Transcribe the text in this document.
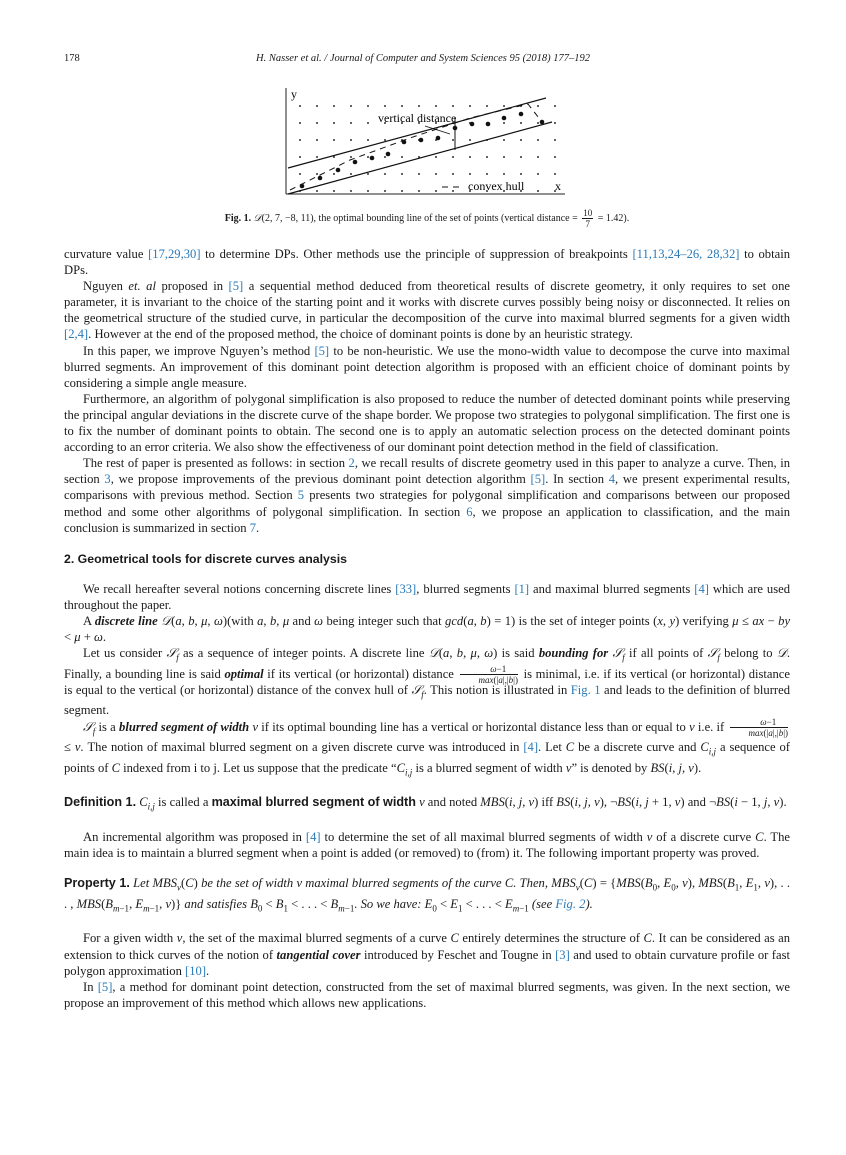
178	H. Nasser et al. / Journal of Computer and System Sciences 95 (2018) 177–192
y
x
vertical distance
convex hull
Fig. 1. 𝒟(2, 7, −8, 11), the optimal bounding line of the set of points (vertical distance = $\frac{10}{7} = 1.42$).

curvature value [17,29,30] to determine DPs. Other methods use the principle of suppression of breakpoints [11,13,24–26, 28,32] to obtain DPs.

Nguyen et. al proposed in [5] a sequential method deduced from theoretical results of discrete geometry, it only requires to set one parameter, it is invariant to the choice of the starting point and it works with discrete curves possibly being noisy or disconnected. It relies on the geometrical structure of the studied curve, in particular the decomposition of the curve into maximal blurred segments for a given width [2,4]. However at the end of the proposed method, the choice of dominant points is done by an heuristic strategy.

In this paper, we improve Nguyen’s method [5] to be non-heuristic. We use the mono-width value to decompose the curve into maximal blurred segments. An improvement of this dominant point detection algorithm is proposed with an efficient choice of dominant points by considering a simple angle measure.

Furthermore, an algorithm of polygonal simplification is also proposed to reduce the number of detected dominant points while preserving the principal angular deviations in the discrete curve of the shape border. We propose two strategies to polygonal simplification. The first one is to fix the number of dominant points to obtain. The second one is to apply an automatic selection process on the detected dominant points according to an error criteria. We also show the effectiveness of our dominant point detection method in the field of classification.

The rest of paper is presented as follows: in section 2, we recall results of discrete geometry used in this paper to analyze a curve. Then, in section 3, we propose improvements of the previous dominant point detection algorithm [5]. In section 4, we present experimental results, comparisons with previous method. Section 5 presents two strategies for polygonal simplification and comparisons between our proposed method and some other algorithms of polygonal simplification. In section 6, we propose an application to classification, and the main conclusion is summarized in section 7.

2. Geometrical tools for discrete curves analysis

We recall hereafter several notions concerning discrete lines [33], blurred segments [1] and maximal blurred segments [4] which are used throughout the paper.

A discrete line 𝒟(a, b, μ, ω)(with a, b, μ and ω being integer such that gcd(a, b) = 1) is the set of integer points (x, y) verifying μ ≤ ax − by < μ + ω.

Let us consider 𝒮$_f$ as a sequence of integer points. A discrete line 𝒟(a, b, μ, ω) is said bounding for 𝒮$_f$ if all points of 𝒮$_f$ belong to 𝒟. Finally, a bounding line is said optimal if its vertical (or horizontal) distance $\frac{\omega-1}{\max(|a|,|b|)}$ is minimal, i.e. if its vertical (or horizontal) distance is equal to the vertical (or horizontal) distance of the convex hull of 𝒮$_f$. This notion is illustrated in Fig. 1 and leads to the definition of blurred segment.

𝒮$_f$ is a blurred segment of width ν if its optimal bounding line has a vertical or horizontal distance less than or equal to ν i.e. if $\frac{\omega-1}{\max(|a|,|b|)}$
≤ ν. The notion of maximal blurred segment on a given discrete curve was introduced in [4]. Let C be a discrete curve and $C_{i,j}$ a sequence of points of C indexed from i to j. Let us suppose that the predicate “$C_{i,j}$ is a blurred segment of width ν” is denoted by BS(i, j, ν).

Definition 1. $C_{i,j}$ is called a maximal blurred segment of width ν and noted MBS(i, j, ν) iff BS(i, j, ν), ¬BS(i, j + 1, ν) and ¬BS(i − 1, j, ν).

An incremental algorithm was proposed in [4] to determine the set of all maximal blurred segments of width ν of a discrete curve C. The main idea is to maintain a blurred segment when a point is added (or removed) to (from) it. The following important property was proved.

Property 1. Let $MBS_\nu(C)$ be the set of width ν maximal blurred segments of the curve C. Then, $MBS_\nu(C) = \{MBS(B_0$, $E_0$, ν), $MBS(B_1$, $E_1$, ν), . . . , $MBS(B_{m-1}$, $E_{m-1}$, ν)} and satisfies $B_0 < B_1$ < . . . < $B_{m-1}$. So we have: $E_0 < E_1$ < . . . < $E_{m-1}$ (see Fig. 2).

For a given width ν, the set of the maximal blurred segments of a curve C entirely determines the structure of C. It can be considered as an extension to thick curves of the notion of tangential cover introduced by Feschet and Tougne in [3] and used to obtain curvature profile or fast polygon approximation [10].

In [5], a method for dominant point detection, constructed from the set of maximal blurred segments, was given. In the next section, we propose an improvement of this method which allows new applications.
